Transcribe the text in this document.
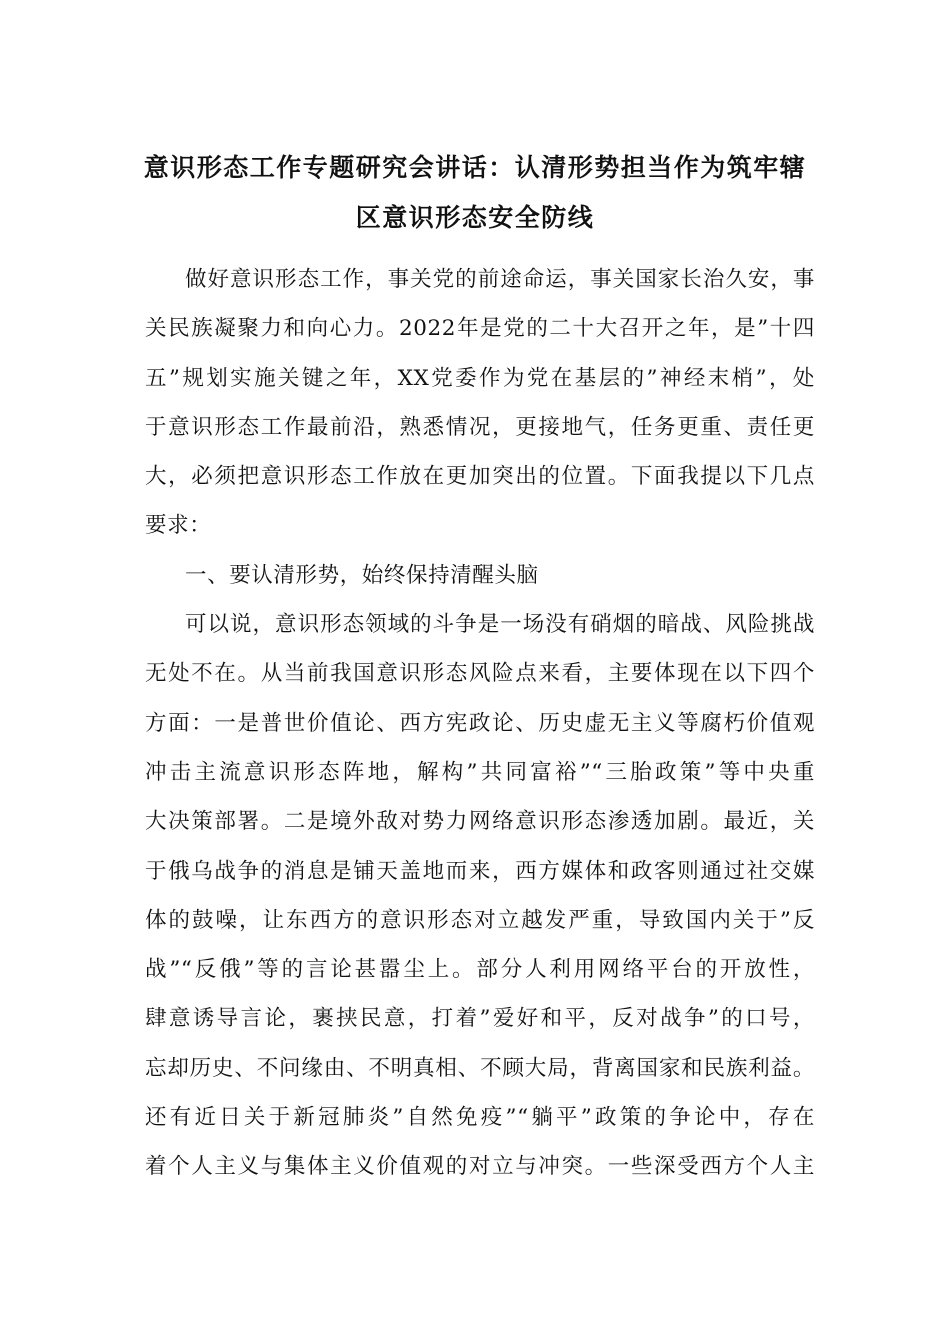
意识形态工作专题研究会讲话：认清形势担当作为筑牢辖
区意识形态安全防线
做好意识形态工作，事关党的前途命运，事关国家长治久安，事
关民族凝聚力和向心力。2022年是党的二十大召开之年，是”十四
五”规划实施关键之年，XX党委作为党在基层的”神经末梢”，处
于意识形态工作最前沿，熟悉情况，更接地气，任务更重、责任更
大，必须把意识形态工作放在更加突出的位置。下面我提以下几点
要求：
一、要认清形势，始终保持清醒头脑
可以说，意识形态领域的斗争是一场没有硝烟的暗战、风险挑战
无处不在。从当前我国意识形态风险点来看，主要体现在以下四个
方面：一是普世价值论、西方宪政论、历史虚无主义等腐朽价值观
冲击主流意识形态阵地，解构”共同富裕”“三胎政策”等中央重
大决策部署。二是境外敌对势力网络意识形态渗透加剧。最近，关
于俄乌战争的消息是铺天盖地而来，西方媒体和政客则通过社交媒
体的鼓噪，让东西方的意识形态对立越发严重，导致国内关于”反
战”“反俄”等的言论甚嚣尘上。部分人利用网络平台的开放性，
肆意诱导言论，裹挟民意，打着”爱好和平，反对战争”的口号，
忘却历史、不问缘由、不明真相、不顾大局，背离国家和民族利益。
还有近日关于新冠肺炎”自然免疫”“躺平”政策的争论中，存在
着个人主义与集体主义价值观的对立与冲突。一些深受西方个人主
